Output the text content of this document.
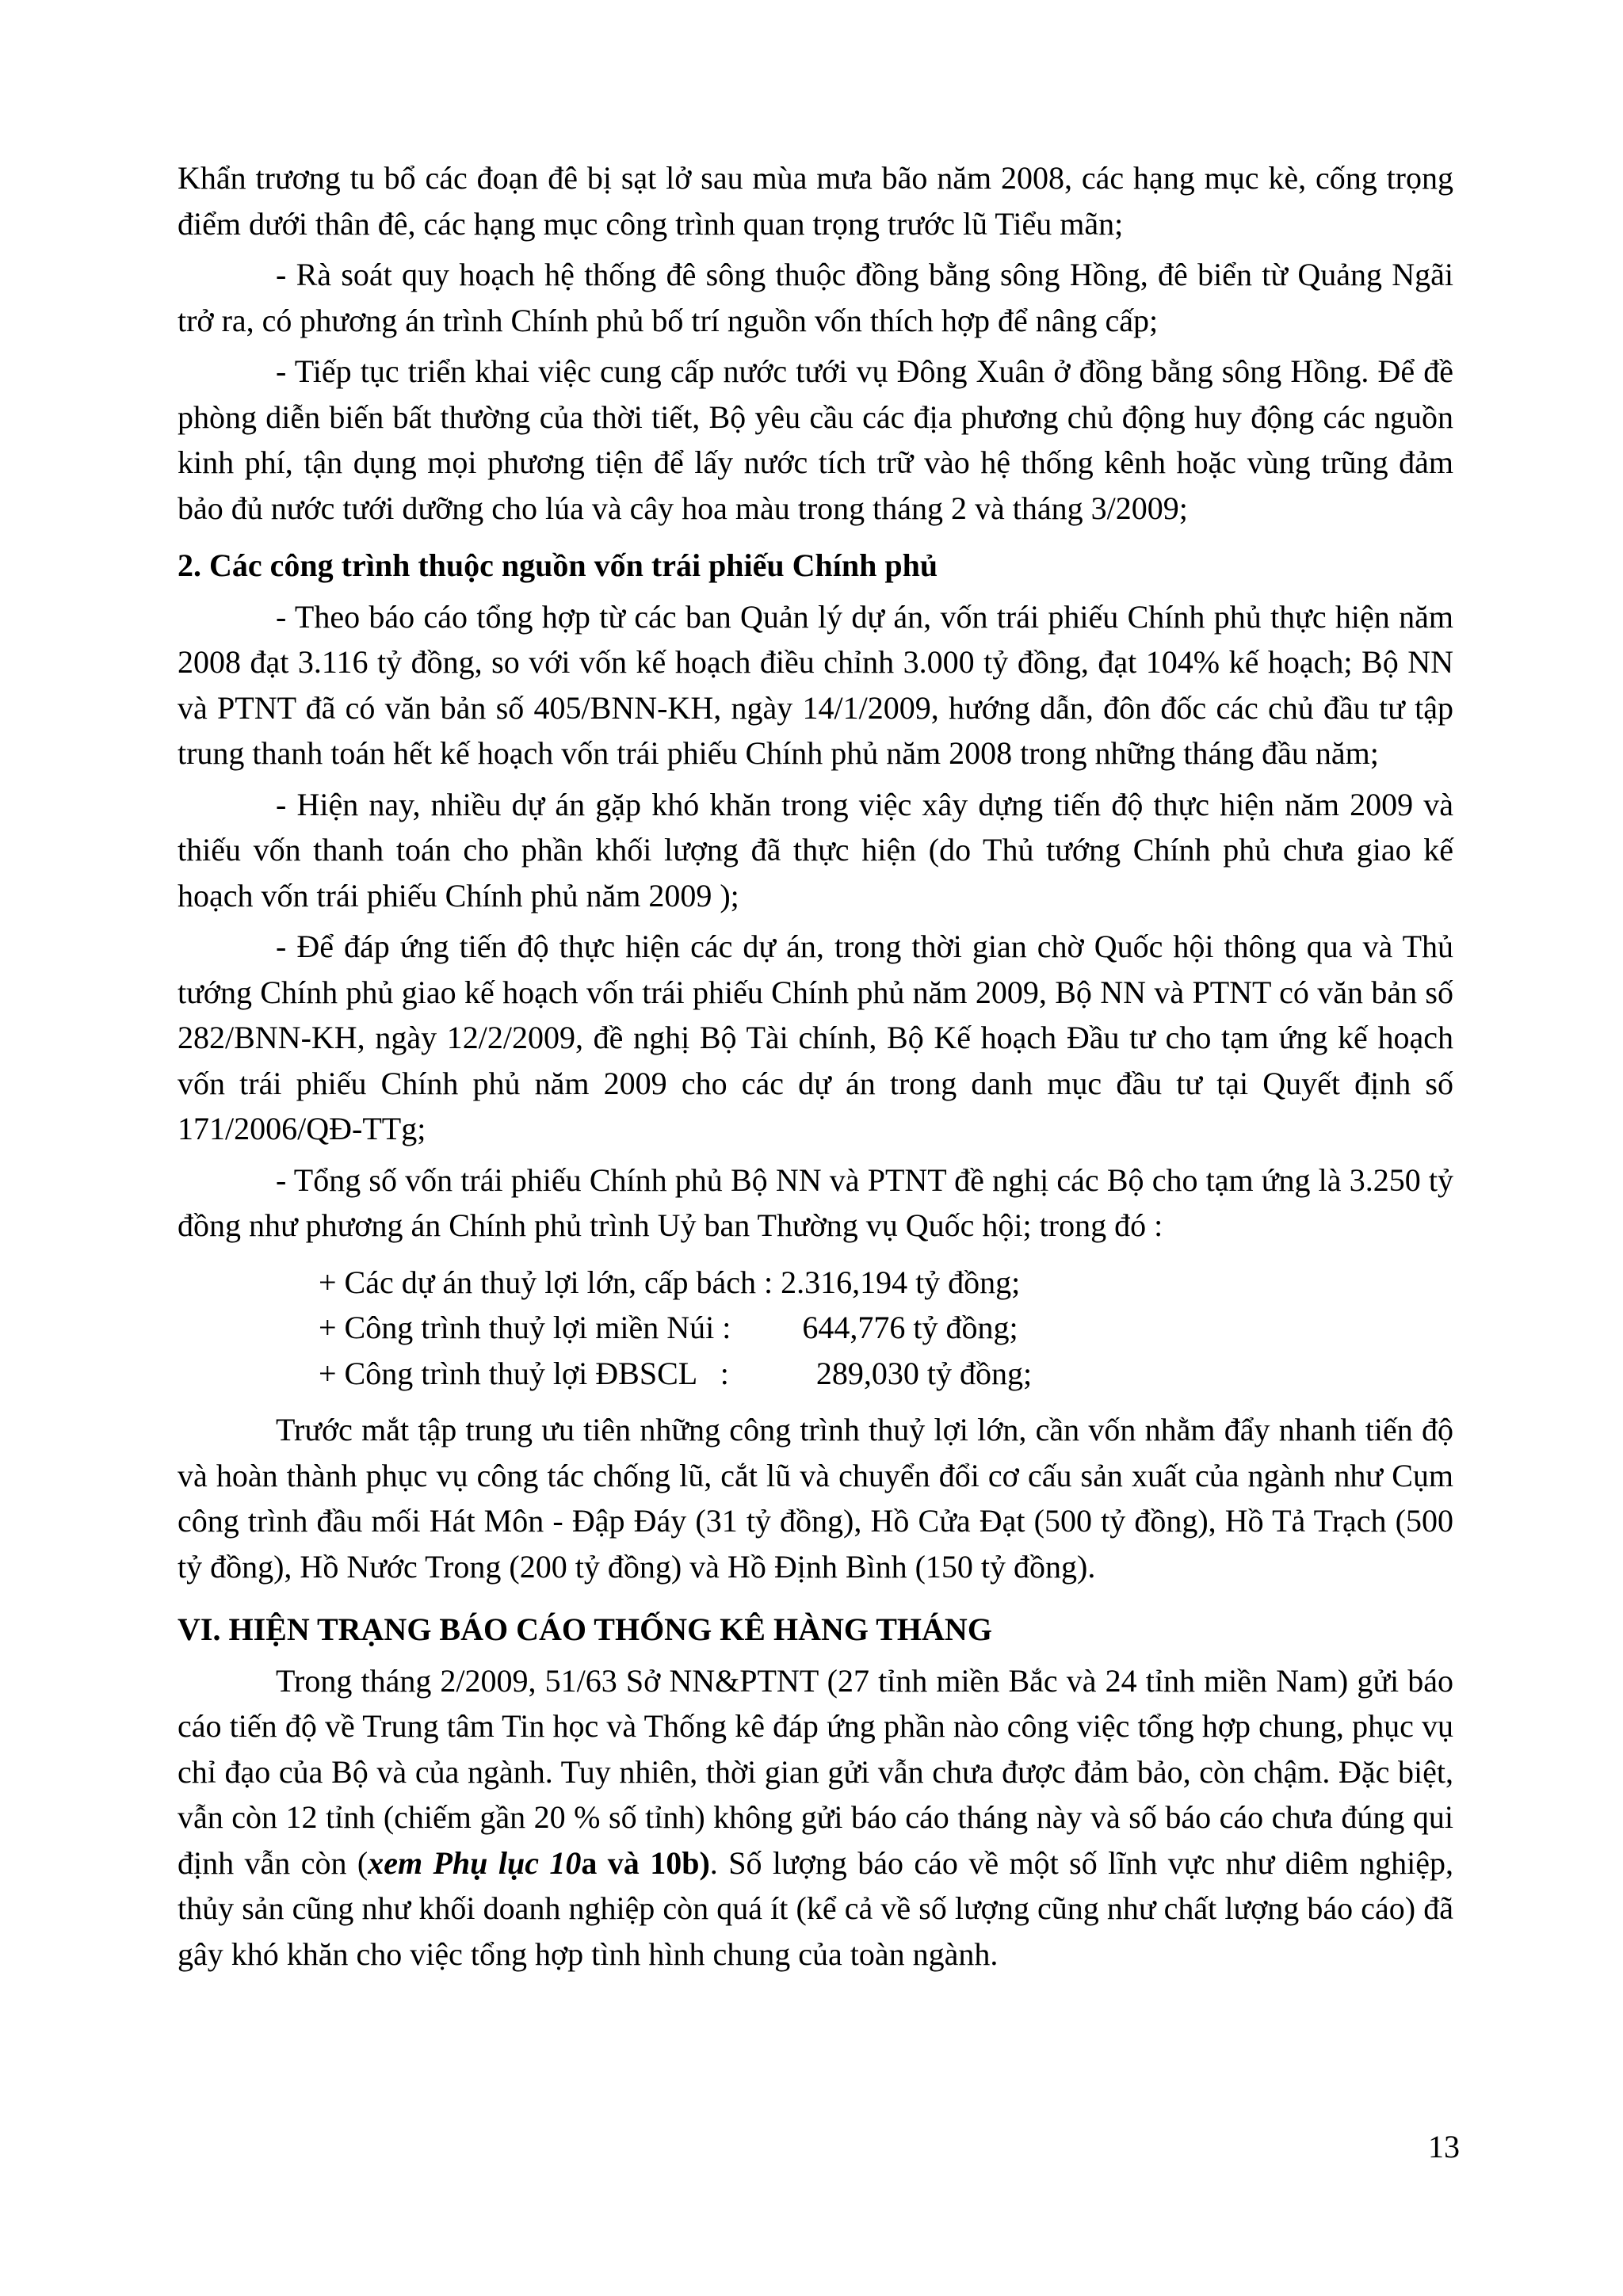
Khẩn trương tu bổ các đoạn đê bị sạt lở sau mùa mưa bão năm 2008, các hạng mục kè, cống trọng điểm dưới thân đê, các hạng mục công trình quan trọng trước lũ Tiểu mãn;

- Rà soát quy hoạch hệ thống đê sông thuộc đồng bằng sông Hồng, đê biển từ Quảng Ngãi trở ra, có phương án trình Chính phủ bố trí nguồn vốn thích hợp để nâng cấp;

- Tiếp tục triển khai việc cung cấp nước tưới vụ Đông Xuân ở đồng bằng sông Hồng. Để đề phòng diễn biến bất thường của thời tiết, Bộ yêu cầu các địa phương chủ động huy động các nguồn kinh phí, tận dụng mọi phương tiện để lấy nước tích trữ vào hệ thống kênh hoặc vùng trũng đảm bảo đủ nước tưới dưỡng cho lúa và cây hoa màu trong tháng 2 và tháng 3/2009;

2. Các công trình thuộc nguồn vốn trái phiếu Chính phủ

- Theo báo cáo tổng hợp từ các ban Quản lý dự án, vốn trái phiếu Chính phủ thực hiện năm 2008 đạt 3.116 tỷ đồng, so với vốn kế hoạch điều chỉnh 3.000 tỷ đồng, đạt 104% kế hoạch; Bộ NN và PTNT đã có văn bản số 405/BNN-KH, ngày 14/1/2009, hướng dẫn, đôn đốc các chủ đầu tư tập trung thanh toán hết kế hoạch vốn trái phiếu Chính phủ năm 2008 trong những tháng đầu năm;

- Hiện nay, nhiều dự án gặp khó khăn trong việc xây dựng tiến độ thực hiện năm 2009 và thiếu vốn thanh toán cho phần khối lượng đã thực hiện (do Thủ tướng Chính phủ chưa giao kế hoạch vốn trái phiếu Chính phủ năm 2009 );

- Để đáp ứng tiến độ thực hiện các dự án, trong thời gian chờ Quốc hội thông qua và Thủ tướng Chính phủ giao kế hoạch vốn trái phiếu Chính phủ năm 2009, Bộ NN và PTNT có văn bản số 282/BNN-KH, ngày 12/2/2009, đề nghị Bộ Tài chính, Bộ Kế hoạch Đầu tư cho tạm ứng kế hoạch vốn trái phiếu Chính phủ năm 2009 cho các dự án trong danh mục đầu tư tại Quyết định số 171/2006/QĐ-TTg;

- Tổng số vốn trái phiếu Chính phủ Bộ NN và PTNT đề nghị các Bộ cho tạm ứng là 3.250 tỷ đồng như phương án Chính phủ trình Uỷ ban Thường vụ Quốc hội; trong đó :

+ Các dự án thuỷ lợi lớn, cấp bách : 2.316,194 tỷ đồng;
+ Công trình thuỷ lợi miền Núi :         644,776 tỷ đồng;
+ Công trình thuỷ lợi ĐBSCL   :           289,030 tỷ đồng;

Trước mắt tập trung ưu tiên những công trình thuỷ lợi lớn, cần vốn nhằm đẩy nhanh tiến độ và hoàn thành phục vụ công tác chống lũ, cắt lũ và chuyển đổi cơ cấu sản xuất của ngành như Cụm công trình đầu mối Hát Môn - Đập Đáy (31 tỷ đồng), Hồ Cửa Đạt (500 tỷ đồng), Hồ Tả Trạch (500 tỷ đồng), Hồ Nước Trong (200 tỷ đồng) và Hồ Định Bình (150 tỷ đồng).

VI. HIỆN TRẠNG BÁO CÁO THỐNG KÊ HÀNG THÁNG

Trong tháng 2/2009, 51/63 Sở NN&PTNT (27 tỉnh miền Bắc và 24 tỉnh miền Nam) gửi báo cáo tiến độ về Trung tâm Tin học và Thống kê đáp ứng phần nào công việc tổng hợp chung, phục vụ chỉ đạo của Bộ và của ngành. Tuy nhiên, thời gian gửi vẫn chưa được đảm bảo, còn chậm. Đặc biệt, vẫn còn 12 tỉnh (chiếm gần 20 % số tỉnh) không gửi báo cáo tháng này và số báo cáo chưa đúng qui định vẫn còn (xem Phụ lục 10a và 10b). Số lượng báo cáo về một số lĩnh vực như diêm nghiệp, thủy sản cũng như khối doanh nghiệp còn quá ít (kể cả về số lượng cũng như chất lượng báo cáo) đã gây khó khăn cho việc tổng hợp tình hình chung của toàn ngành.

13
